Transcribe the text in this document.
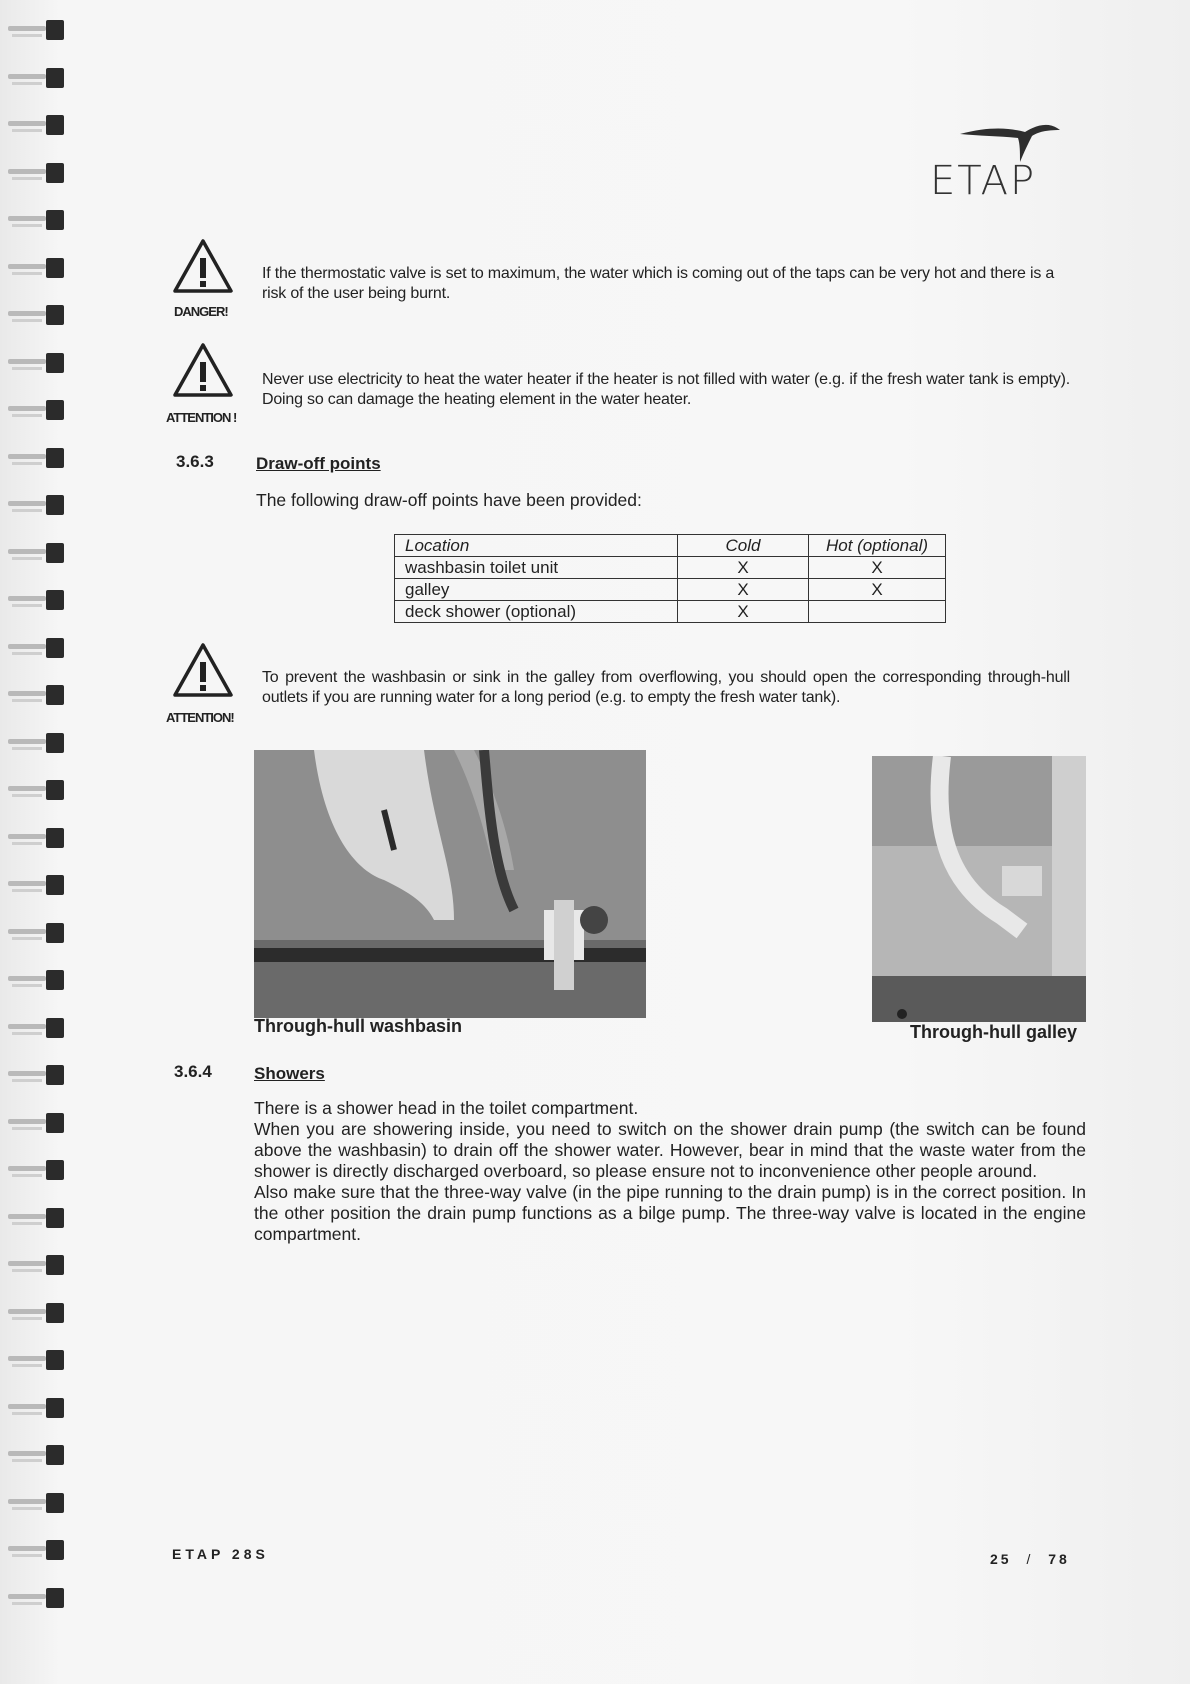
ETAP
DANGER!
If the thermostatic valve is set to maximum, the water which is coming out of the taps can be very hot and there is a risk of the user being burnt.
ATTENTION !
Never use electricity to heat the water heater if the heater is not filled with water (e.g. if the fresh water tank is empty). Doing so can damage the heating element in the water heater.
3.6.3 Draw-off points
The following draw-off points have been provided:
Location	Cold	Hot (optional)
washbasin toilet unit	X	X
galley	X	X
deck shower (optional)	X	
ATTENTION!
To prevent the washbasin or sink in the galley from overflowing, you should open the corresponding through-hull outlets if you are running water for a long period (e.g. to empty the fresh water tank).
Through-hull washbasin	Through-hull galley
3.6.4 Showers
There is a shower head in the toilet compartment.
When you are showering inside, you need to switch on the shower drain pump (the switch can be found above the washbasin) to drain off the shower water. However, bear in mind that the waste water from the shower is directly discharged overboard, so please ensure not to inconvenience other people around.
Also make sure that the three-way valve (in the pipe running to the drain pump) is in the correct position. In the other position the drain pump functions as a bilge pump. The three-way valve is located in the engine compartment.
ETAP 28S	25 / 78
